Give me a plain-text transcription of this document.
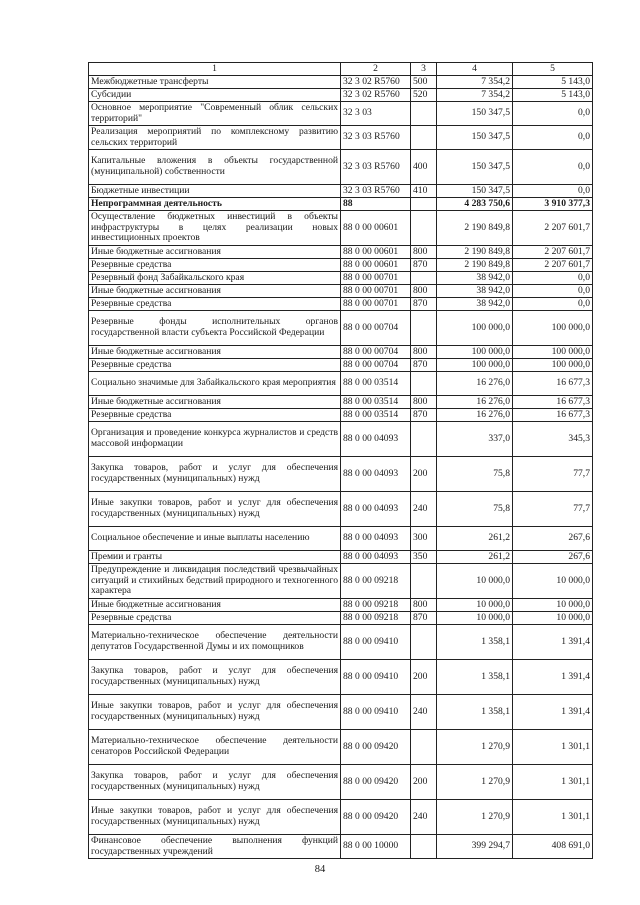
1	2	3	4	5
Межбюджетные трансферты	32 3 02 R5760	500	7 354,2	5 143,0
Субсидии	32 3 02 R5760	520	7 354,2	5 143,0
Основное мероприятие "Современный облик сельских территорий"	32 3 03		150 347,5	0,0
Реализация мероприятий по комплексному развитию сельских территорий	32 3 03 R5760		150 347,5	0,0
Капитальные вложения в объекты государственной (муниципальной) собственности	32 3 03 R5760	400	150 347,5	0,0
Бюджетные инвестиции	32 3 03 R5760	410	150 347,5	0,0
Непрограммная деятельность	88		4 283 750,6	3 910 377,3
Осуществление бюджетных инвестиций в объекты инфраструктуры в целях реализации новых инвестиционных проектов	88 0 00 00601		2 190 849,8	2 207 601,7
Иные бюджетные ассигнования	88 0 00 00601	800	2 190 849,8	2 207 601,7
Резервные средства	88 0 00 00601	870	2 190 849,8	2 207 601,7
Резервный фонд Забайкальского края	88 0 00 00701		38 942,0	0,0
Иные бюджетные ассигнования	88 0 00 00701	800	38 942,0	0,0
Резервные средства	88 0 00 00701	870	38 942,0	0,0
Резервные фонды исполнительных органов государственной власти субъекта Российской Федерации	88 0 00 00704		100 000,0	100 000,0
Иные бюджетные ассигнования	88 0 00 00704	800	100 000,0	100 000,0
Резервные средства	88 0 00 00704	870	100 000,0	100 000,0
Социально значимые для Забайкальского края мероприятия	88 0 00 03514		16 276,0	16 677,3
Иные бюджетные ассигнования	88 0 00 03514	800	16 276,0	16 677,3
Резервные средства	88 0 00 03514	870	16 276,0	16 677,3
Организация и проведение конкурса журналистов и средств массовой информации	88 0 00 04093		337,0	345,3
Закупка товаров, работ и услуг для обеспечения государственных (муниципальных) нужд	88 0 00 04093	200	75,8	77,7
Иные закупки товаров, работ и услуг для обеспечения государственных (муниципальных) нужд	88 0 00 04093	240	75,8	77,7
Социальное обеспечение и иные выплаты населению	88 0 00 04093	300	261,2	267,6
Премии и гранты	88 0 00 04093	350	261,2	267,6
Предупреждение и ликвидация последствий чрезвычайных ситуаций и стихийных бедствий природного и техногенного характера	88 0 00 09218		10 000,0	10 000,0
Иные бюджетные ассигнования	88 0 00 09218	800	10 000,0	10 000,0
Резервные средства	88 0 00 09218	870	10 000,0	10 000,0
Материально-техническое обеспечение деятельности депутатов Государственной Думы и их помощников	88 0 00 09410		1 358,1	1 391,4
Закупка товаров, работ и услуг для обеспечения государственных (муниципальных) нужд	88 0 00 09410	200	1 358,1	1 391,4
Иные закупки товаров, работ и услуг для обеспечения государственных (муниципальных) нужд	88 0 00 09410	240	1 358,1	1 391,4
Материально-техническое обеспечение деятельности сенаторов Российской Федерации	88 0 00 09420		1 270,9	1 301,1
Закупка товаров, работ и услуг для обеспечения государственных (муниципальных) нужд	88 0 00 09420	200	1 270,9	1 301,1
Иные закупки товаров, работ и услуг для обеспечения государственных (муниципальных) нужд	88 0 00 09420	240	1 270,9	1 301,1
Финансовое обеспечение выполнения функций государственных учреждений	88 0 00 10000		399 294,7	408 691,0
84
